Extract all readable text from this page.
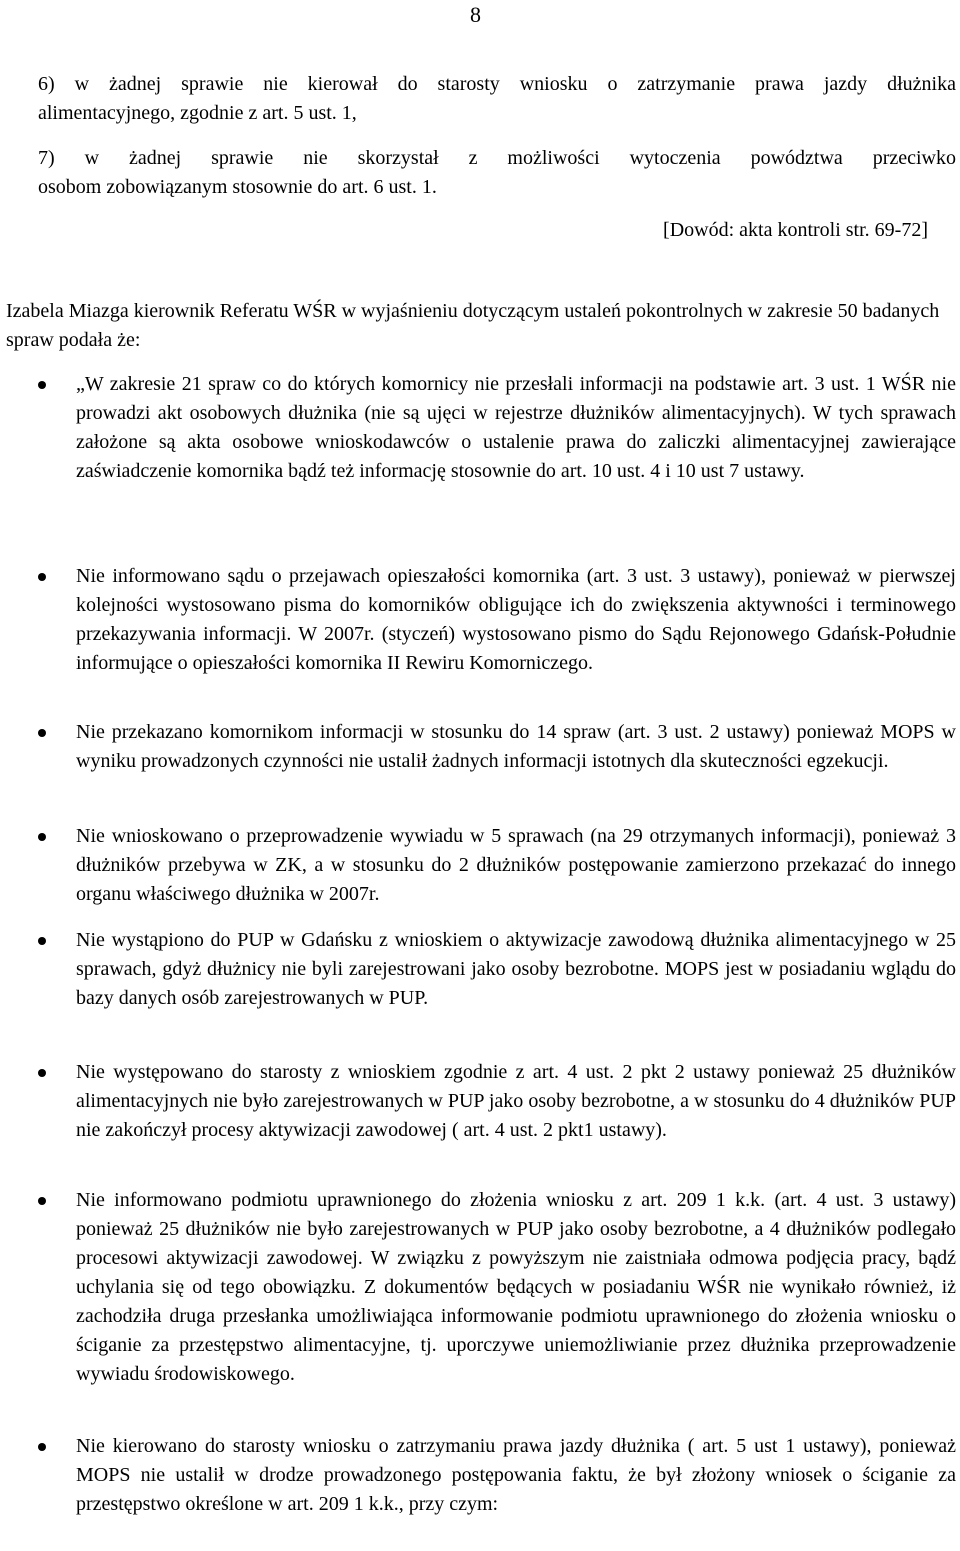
8
6) w żadnej sprawie nie kierował do starosty wniosku o zatrzymanie prawa jazdy dłużnika
alimentacyjnego, zgodnie z art. 5 ust. 1,
7) w żadnej sprawie nie skorzystał z możliwości wytoczenia powództwa przeciwko
osobom zobowiązanym stosownie do art. 6 ust. 1.
[Dowód: akta kontroli str. 69-72]
Izabela Miazga kierownik Referatu WŚR w wyjaśnieniu dotyczącym ustaleń pokontrolnych w zakresie 50 badanych spraw podała że:
„W zakresie 21 spraw co do których komornicy nie przesłali informacji na podstawie art. 3 ust. 1 WŚR nie prowadzi akt osobowych dłużnika (nie są ujęci w rejestrze dłużników alimentacyjnych). W tych sprawach założone są akta osobowe wnioskodawców o ustalenie prawa do zaliczki alimentacyjnej zawierające zaświadczenie komornika bądź też informację stosownie do art. 10 ust. 4 i 10 ust 7 ustawy.
Nie informowano sądu o przejawach opieszałości komornika (art. 3 ust. 3 ustawy), ponieważ w pierwszej kolejności wystosowano pisma do komorników obligujące ich do zwiększenia aktywności i terminowego przekazywania informacji. W 2007r. (styczeń) wystosowano pismo do Sądu Rejonowego Gdańsk-Południe informujące o opieszałości komornika II Rewiru Komorniczego.
Nie przekazano komornikom informacji w stosunku do 14 spraw (art. 3 ust. 2 ustawy) ponieważ MOPS w wyniku prowadzonych czynności nie ustalił żadnych informacji istotnych dla skuteczności egzekucji.
Nie wnioskowano o przeprowadzenie wywiadu w 5 sprawach (na 29 otrzymanych informacji), ponieważ 3 dłużników przebywa w ZK, a w stosunku do 2 dłużników postępowanie zamierzono przekazać do innego organu właściwego dłużnika w 2007r.
Nie wystąpiono do PUP w Gdańsku z wnioskiem o aktywizacje zawodową dłużnika alimentacyjnego w 25 sprawach, gdyż dłużnicy nie byli zarejestrowani jako osoby bezrobotne. MOPS jest w posiadaniu wglądu do bazy danych osób zarejestrowanych w PUP.
Nie występowano do starosty z wnioskiem zgodnie z art. 4 ust. 2 pkt 2 ustawy ponieważ 25 dłużników alimentacyjnych nie było zarejestrowanych w PUP jako osoby bezrobotne, a w stosunku do 4 dłużników PUP nie zakończył procesy aktywizacji zawodowej ( art. 4 ust. 2 pkt1 ustawy).
Nie informowano podmiotu uprawnionego do złożenia wniosku z art. 209 1 k.k. (art. 4 ust. 3 ustawy) ponieważ 25 dłużników nie było zarejestrowanych w PUP jako osoby bezrobotne, a 4 dłużników podlegało procesowi aktywizacji zawodowej. W związku z powyższym nie zaistniała odmowa podjęcia pracy, bądź uchylania się od tego obowiązku. Z dokumentów będących w posiadaniu WŚR nie wynikało również, iż zachodziła druga przesłanka umożliwiająca informowanie podmiotu uprawnionego do złożenia wniosku o ściganie za przestępstwo alimentacyjne, tj. uporczywe uniemożliwianie przez dłużnika przeprowadzenie wywiadu środowiskowego.
Nie kierowano do starosty wniosku o zatrzymaniu prawa jazdy dłużnika ( art. 5 ust 1 ustawy), ponieważ MOPS nie ustalił w drodze prowadzonego postępowania faktu, że był złożony wniosek o ściganie za przestępstwo określone w art. 209 1 k.k., przy czym:
